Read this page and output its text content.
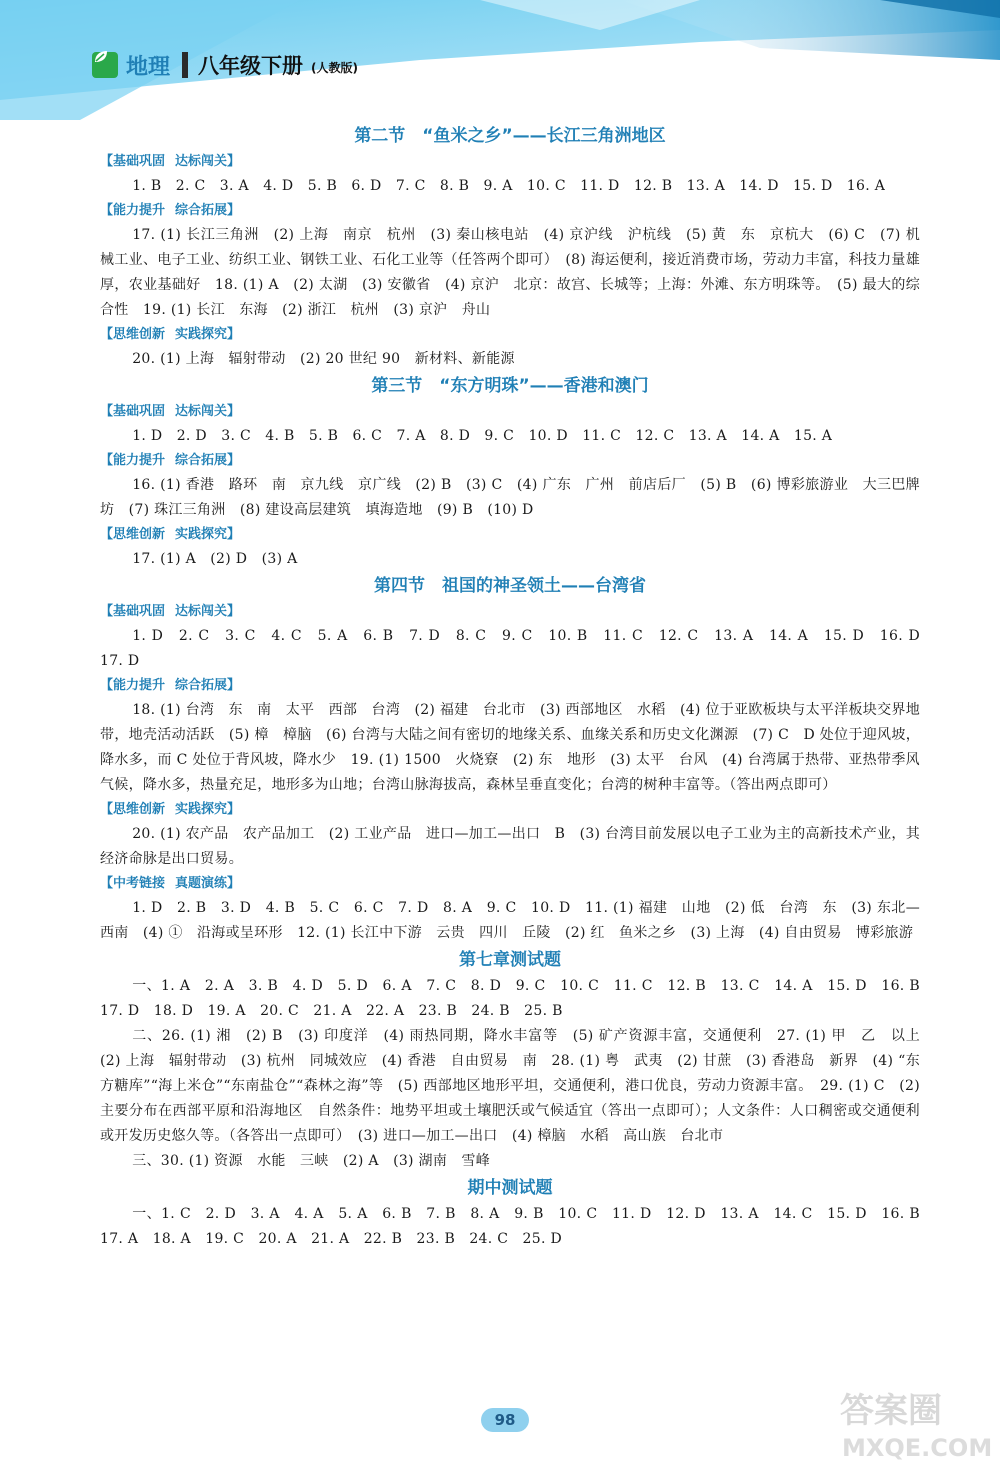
地理 八年级下册 (人教版)
第二节　“鱼米之乡”——长江三角洲地区
【基础巩固 达标闯关】
1. B　2. C　3. A　4. D　5. B　6. D　7. C　8. B　9. A　10. C　11. D　12. B　13. A　14. D　15. D　16. A
【能力提升 综合拓展】
17. (1) 长江三角洲　(2) 上海　南京　杭州　(3) 秦山核电站　(4) 京沪线　沪杭线　(5) 黄　东　京杭大　(6) C　(7) 机械工业、电子工业、纺织工业、钢铁工业、石化工业等（任答两个即可）　(8) 海运便利，接近消费市场，劳动力丰富，科技力量雄厚，农业基础好　18. (1) A　(2) 太湖　(3) 安徽省　(4) 京沪　北京：故宫、长城等；上海：外滩、东方明珠等。　(5) 最大的综合性　19. (1) 长江　东海　(2) 浙江　杭州　(3) 京沪　舟山
【思维创新 实践探究】
20. (1) 上海　辐射带动　(2) 20 世纪 90　新材料、新能源
第三节　“东方明珠”——香港和澳门
【基础巩固 达标闯关】
1. D　2. D　3. C　4. B　5. B　6. C　7. A　8. D　9. C　10. D　11. C　12. C　13. A　14. A　15. A
【能力提升 综合拓展】
16. (1) 香港　路环　南　京九线　京广线　(2) B　(3) C　(4) 广东　广州　前店后厂　(5) B　(6) 博彩旅游业　大三巴牌坊　(7) 珠江三角洲　(8) 建设高层建筑　填海造地　(9) B　(10) D
【思维创新 实践探究】
17. (1) A　(2) D　(3) A
第四节　祖国的神圣领土——台湾省
【基础巩固 达标闯关】
1. D　2. C　3. C　4. C　5. A　6. B　7. D　8. C　9. C　10. B　11. C　12. C　13. A　14. A　15. D　16. D　17. D
【能力提升 综合拓展】
18. (1) 台湾　东　南　太平　西部　台湾　(2) 福建　台北市　(3) 西部地区　水稻　(4) 位于亚欧板块与太平洋板块交界地带，地壳活动活跃　(5) 樟　樟脑　(6) 台湾与大陆之间有密切的地缘关系、血缘关系和历史文化渊源　(7) C　D 处位于迎风坡，降水多，而 C 处位于背风坡，降水少　19. (1) 1500　火烧寮　(2) 东　地形　(3) 太平　台风　(4) 台湾属于热带、亚热带季风气候，降水多，热量充足，地形多为山地；台湾山脉海拔高，森林呈垂直变化；台湾的树种丰富等。（答出两点即可）
【思维创新 实践探究】
20. (1) 农产品　农产品加工　(2) 工业产品　进口—加工—出口　B　(3) 台湾目前发展以电子工业为主的高新技术产业，其经济命脉是出口贸易。
【中考链接 真题演练】
1. D　2. B　3. D　4. B　5. C　6. C　7. D　8. A　9. C　10. D　11. (1) 福建　山地　(2) 低　台湾　东　(3) 东北—西南　(4) ①　沿海或呈环形　12. (1) 长江中下游　云贵　四川　丘陵　(2) 红　鱼米之乡　(3) 上海　(4) 自由贸易　博彩旅游
第七章测试题
一、1. A　2. A　3. B　4. D　5. D　6. A　7. C　8. D　9. C　10. C　11. C　12. B　13. C　14. A　15. D　16. B　17. D　18. D　19. A　20. C　21. A　22. A　23. B　24. B　25. B
二、26. (1) 湘　(2) B　(3) 印度洋　(4) 雨热同期，降水丰富等　(5) 矿产资源丰富，交通便利　27. (1) 甲　乙　以上　(2) 上海　辐射带动　(3) 杭州　同城效应　(4) 香港　自由贸易　南　28. (1) 粤　武夷　(2) 甘蔗　(3) 香港岛　新界　(4) “东方糖库”“海上米仓”“东南盐仓”“森林之海”等　(5) 西部地区地形平坦，交通便利，港口优良，劳动力资源丰富。　29. (1) C　(2) 主要分布在西部平原和沿海地区　自然条件：地势平坦或土壤肥沃或气候适宜（答出一点即可）；人文条件：人口稠密或交通便利或开发历史悠久等。（各答出一点即可）　(3) 进口—加工—出口　(4) 樟脑　水稻　高山族　台北市
三、30. (1) 资源　水能　三峡　(2) A　(3) 湖南　雪峰
期中测试题
一、1. C　2. D　3. A　4. A　5. A　6. B　7. B　8. A　9. B　10. C　11. D　12. D　13. A　14. C　15. D　16. B　17. A　18. A　19. C　20. A　21. A　22. B　23. B　24. C　25. D
98	答案圈
MXQE.COM
